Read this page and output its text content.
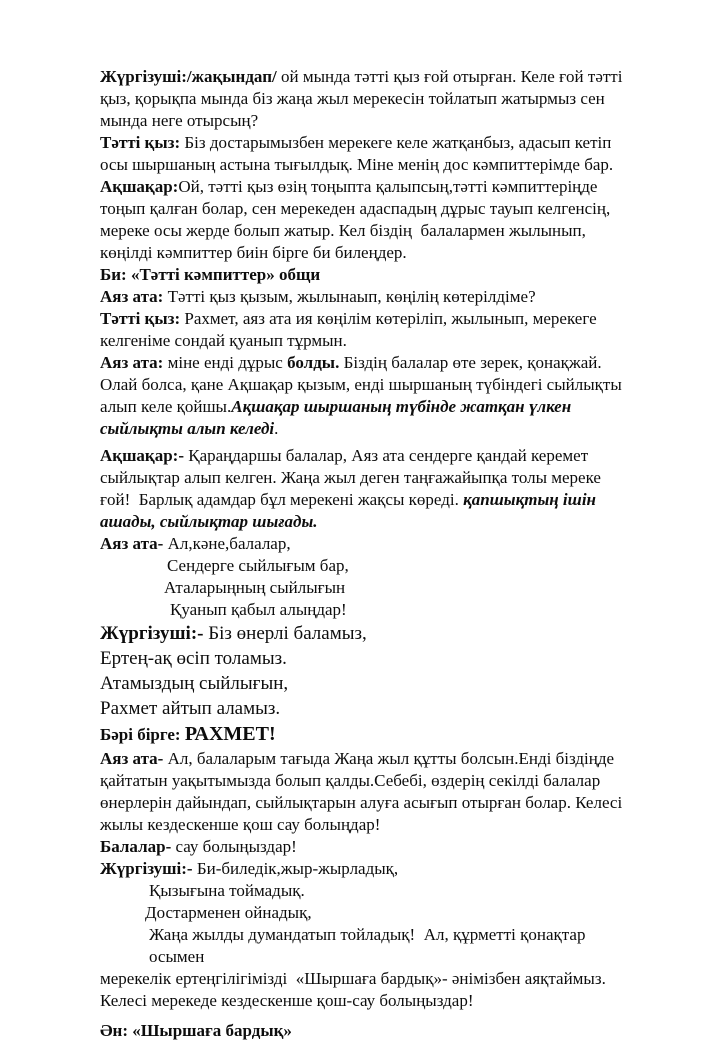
Жүргізуші:/жақындап/ ой мында тәтті қыз ғой отырған. Келе ғой тәтті қыз, қорықпа мында біз жаңа жыл мерекесін тойлатып жатырмыз сен мында неге отырсың?
Тәтті қыз: Біз достарымызбен мерекеге келе жатқанбыз, адасып кетіп осы шыршаның астына тығылдық. Міне менің дос кәмпиттерімде бар.
Ақшақар:Ой, тәтті қыз өзің тоңыпта қалыпсың,тәтті кәмпиттеріңде тоңып қалған болар, сен мерекеден адаспадың дұрыс тауып келгенсің, мереке осы жерде болып жатыр. Кел біздің  балалармен жылынып, көңілді кәмпиттер биін бірге би билеңдер.
Би: «Тәтті кәмпиттер» общи
Аяз ата: Тәтті қыз қызым, жылынаып, көңілің көтерілдіме?
Тәтті қыз: Рахмет, аяз ата ия көңілім көтеріліп, жылынып, мерекеге келгеніме сондай қуанып тұрмын.
Аяз ата: міне енді дұрыс болды. Біздің балалар өте зерек, қонақжай. Олай болса, қане Ақшақар қызым, енді шыршаның түбіндегі сыйлықты алып келе қойшы.Ақшақар шыршаның түбінде жатқан үлкен сыйлықты алып келеді.
Ақшақар:- Қараңдаршы балалар, Аяз ата сендерге қандай керемет сыйлықтар алып келген. Жаңа жыл деген таңғажайыпқа толы мереке ғой!  Барлық адамдар бұл мерекені жақсы көреді. қапшықтың ішін ашады, сыйлықтар шығады.
Аяз ата- Ал,кәне,балалар,
Сендерге сыйлығым бар,
Аталарыңның сыйлығын
Қуанып қабыл алыңдар!
Жүргізуші:- Біз өнерлі баламыз,
Ертең-ақ өсіп толамыз.
Атамыздың сыйлығын,
Рахмет айтып аламыз.
Бәрі бірге: РАХМЕТ!
Аяз ата- Ал, балаларым тағыда Жаңа жыл құтты болсын.Енді біздіңде қайтатын уақытымызда болып қалды.Себебі, өздерің секілді балалар өнерлерін дайындап, сыйлықтарын алуға асығып отырған болар. Келесі жылы кездескенше қош сау болыңдар!
Балалар- сау болыңыздар!
Жүргізуші:- Би-биледік,жыр-жырладық,
Қызығына тоймадық.
Достарменен ойнадық,
Жаңа жылды думандатып тойладық!  Ал, құрметті қонақтар осымен
мерекелік ертеңгілігімізді  «Шыршаға бардық»- әнімізбен аяқтаймыз.
Келесі мерекеде кездескенше қош-сау болыңыздар!
Ән: «Шыршаға бардық»
